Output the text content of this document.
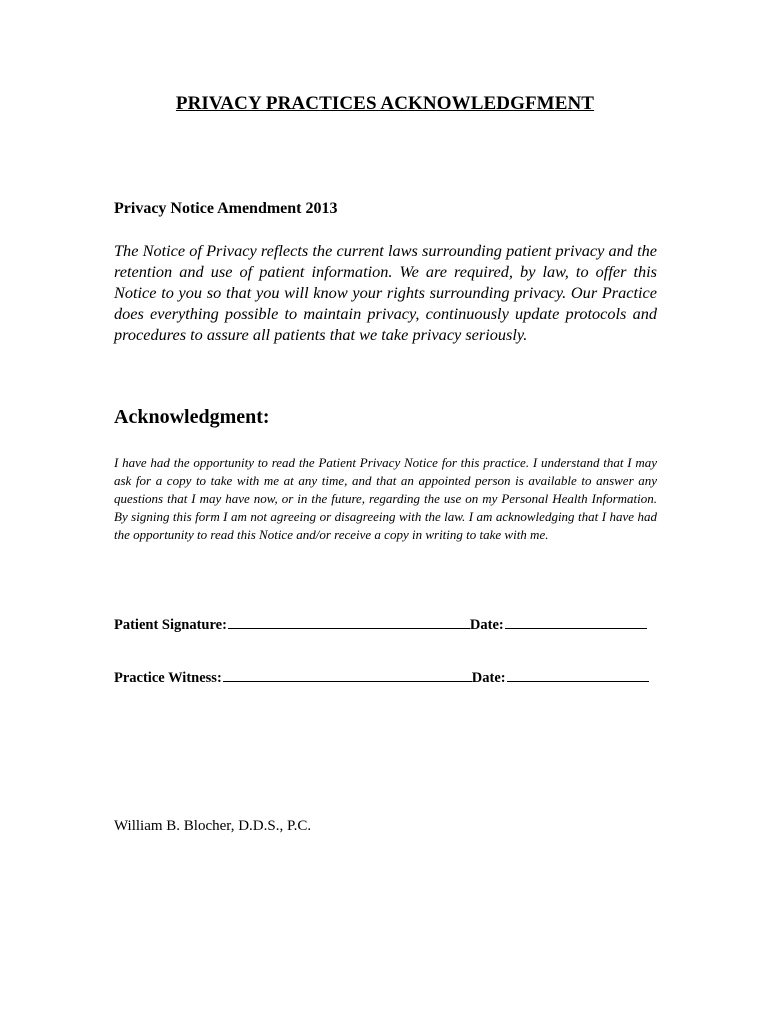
PRIVACY PRACTICES ACKNOWLEDGFMENT
Privacy Notice Amendment 2013

The Notice of Privacy reflects the current laws surrounding patient privacy and the retention and use of patient information. We are required, by law, to offer this Notice to you so that you will know your rights surrounding privacy. Our Practice does everything possible to maintain privacy, continuously update protocols and procedures to assure all patients that we take privacy seriously.

Acknowledgment:

I have had the opportunity to read the Patient Privacy Notice for this practice. I understand that I may ask for a copy to take with me at any time, and that an appointed person is available to answer any questions that I may have now, or in the future, regarding the use on my Personal Health Information. By signing this form I am not agreeing or disagreeing with the law. I am acknowledging that I have had the opportunity to read this Notice and/or receive a copy in writing to take with me.

Patient Signature:	Date:
Practice Witness:	Date:
William B. Blocher, D.D.S., P.C.
